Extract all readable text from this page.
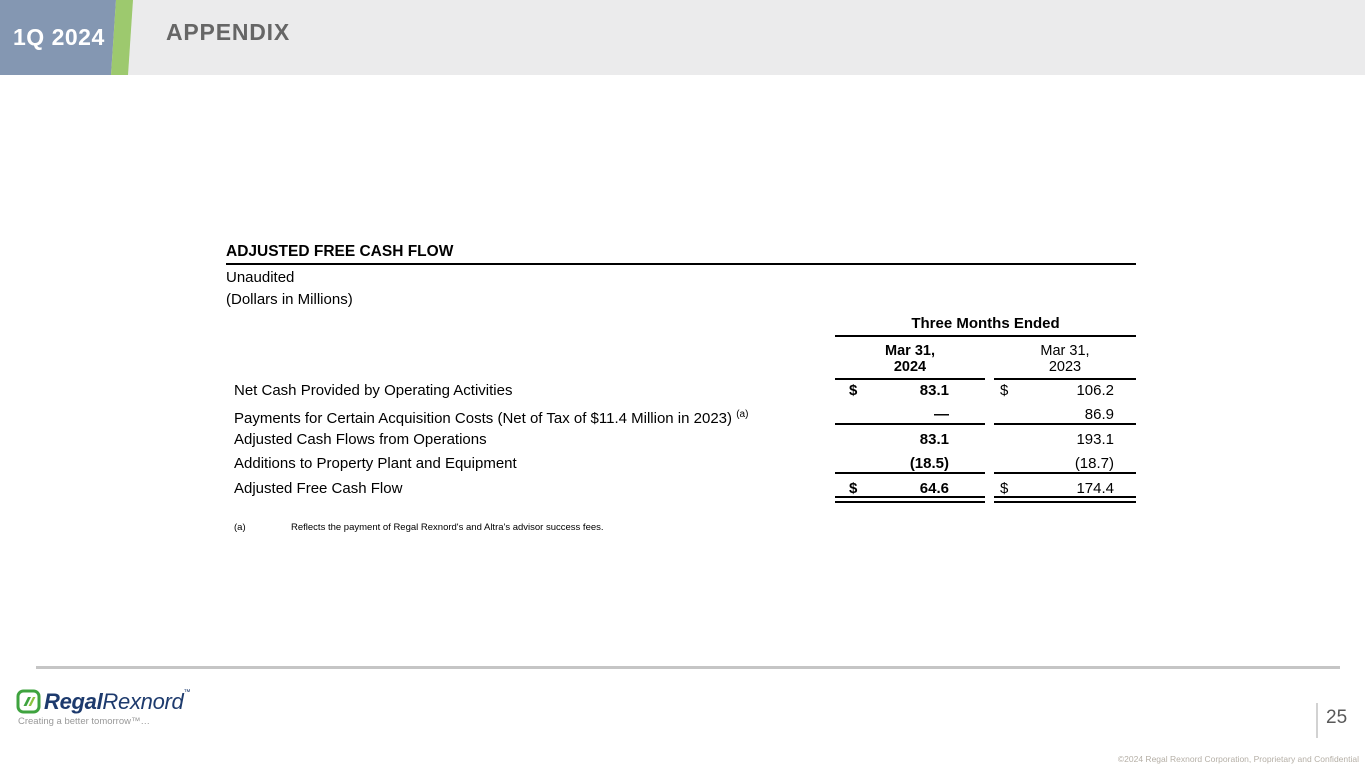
1Q 2024	APPENDIX
ADJUSTED FREE CASH FLOW
Unaudited
(Dollars in Millions)
Three Months Ended
Mar 31,
2024
Mar 31,
2023
Net Cash Provided by Operating Activities	$	83.1	$	106.2
Payments for Certain Acquisition Costs (Net of Tax of $11.4 Million in 2023) $^{(a)}$	—	86.9
Adjusted Cash Flows from Operations	83.1	193.1
Additions to Property Plant and Equipment	(18.5)	(18.7)
Adjusted Free Cash Flow	$	64.6	$	174.4
(a)	Reflects the payment of Regal Rexnord's and Altra's advisor success fees.
RegalRexnord™
Creating a better tomorrow™…	25
©2024 Regal Rexnord Corporation, Proprietary and Confidential
